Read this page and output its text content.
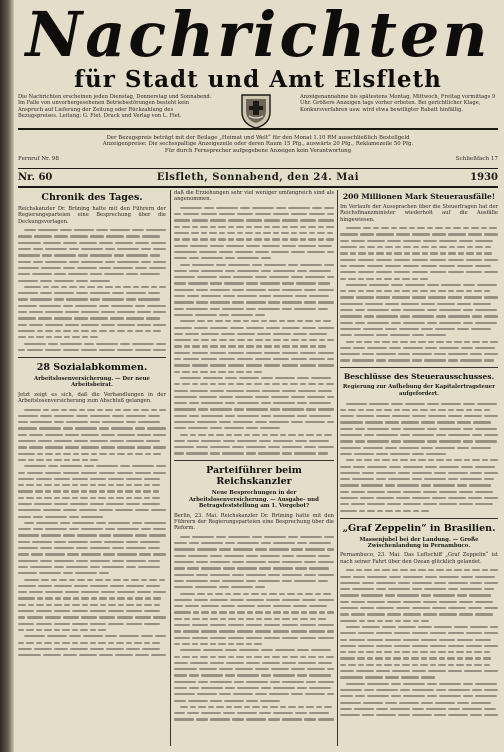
Nachrichten
für Stadt und Amt Elsfleth
Die Nachrichten erscheinen jeden Dienstag, Donnerstag und Sonnabend. Im Falle von unvorhergesehenen Betriebsstörungen besteht kein Anspruch auf Lieferung der Zeitung oder Rückzahlung des Bezugspreises. Leitung: G. Fiet. Druck und Verlag von L. Fiet.
Anzeigenannahme bis spätestens Montag, Mittwoch, Freitag vormittags 9 Uhr. Größere Anzeigen tags vorher erbeten. Bei gerichtlicher Klage, Konkursverfahren usw. wird etwa bewilligter Rabatt hinfällig.
Der Bezugspreis beträgt mit der Beilage „Heimat und Welt“ für den Monat 1.10 RM ausschließlich Bestellgeld
Anzeigenpreise: Die sechsspaltige Anzeigezeile oder deren Raum 15 Pfg., auswärts 20 Pfg., Reklamezeile 50 Pfg.
Für durch Fernsprecher aufgegebene Anzeigen kein Verantwortung
Fernruf Nr. 98	Schließfach 17
Nr. 60	Elsfleth, Sonnabend, den 24. Mai	1930
Chronik des Tages.
Reichskanzler Dr. Brüning hatte mit den Führern der Regierungsparteien eine Besprechung über die Deckungsvorlagen.
28 Sozialabkommen.
Arbeitslosenversicherung. — Der neue Arbeitsbeirat.
Jetzt zeigt es sich, daß die Verhandlungen in der Arbeitslosenversicherung zum Abschluß gelangen.
daß die Erziehungen sehr viel weniger umfangreich sind als angenommen.
Parteiführer beim Reichskanzler
Neue Besprechungen in der Arbeitslosenversicherung. — Ausgabe- und Betragsfeststellung am 1. Vorgebot?
Berlin, 23. Mai. Reichskanzler Dr. Brüning hatte mit den Führern der Regierungsparteien eine Besprechung über die Reform.
200 Millionen Mark Steuerausfälle!
Im Verlaufe der Aussprachen über die Steuerfragen hat der Reichsfinanzminister wiederholt auf die Ausfälle hingewiesen.
Beschlüsse des Steuerausschusses.
Regierung zur Aufhebung der Kapitalertragsteuer aufgefordert.
„Graf Zeppelin“ in Brasilien.
Massenjubel bei der Landung. — Große Zwischenlandung in Pernambuco.
Pernambuco, 23. Mai. Das Luftschiff „Graf Zeppelin“ ist nach seiner Fahrt über den Ozean glücklich gelandet.
